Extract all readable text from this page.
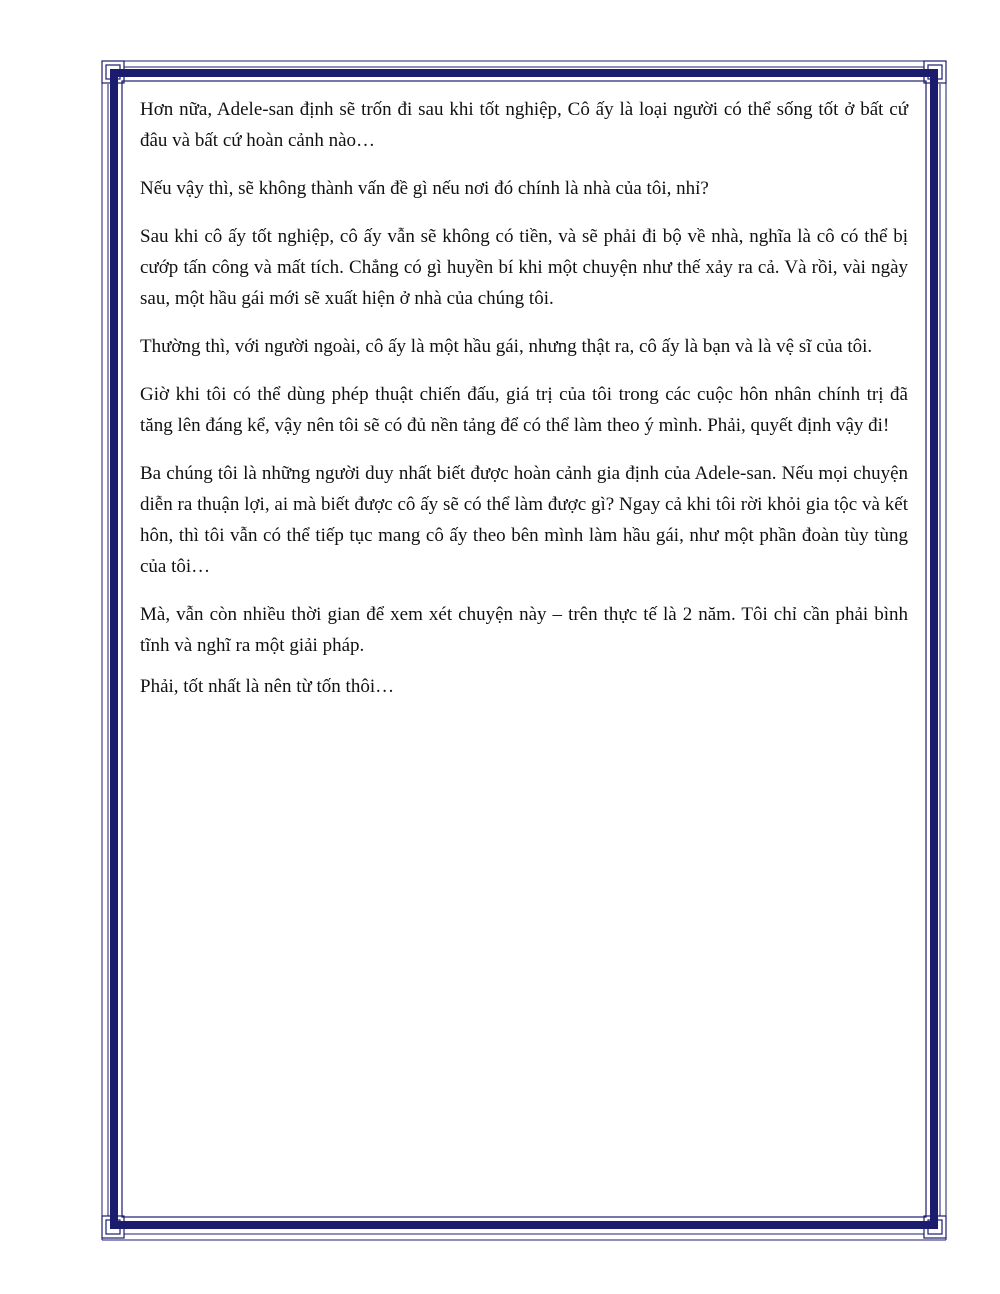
Hơn nữa, Adele-san định sẽ trốn đi sau khi tốt nghiệp, Cô ấy là loại người có thể sống tốt ở bất cứ đâu và bất cứ hoàn cảnh nào…

Nếu vậy thì, sẽ không thành vấn đề gì nếu nơi đó chính là nhà của tôi, nhỉ?

Sau khi cô ấy tốt nghiệp, cô ấy vẫn sẽ không có tiền, và sẽ phải đi bộ về nhà, nghĩa là cô có thể bị cướp tấn công và mất tích. Chẳng có gì huyền bí khi một chuyện như thế xảy ra cả. Và rồi, vài ngày sau, một hầu gái mới sẽ xuất hiện ở nhà của chúng tôi.

Thường thì, với người ngoài, cô ấy là một hầu gái, nhưng thật ra, cô ấy là bạn và là vệ sĩ của tôi.

Giờ khi tôi có thể dùng phép thuật chiến đấu, giá trị của tôi trong các cuộc hôn nhân chính trị đã tăng lên đáng kể, vậy nên tôi sẽ có đủ nền tảng để có thể làm theo ý mình. Phải, quyết định vậy đi!

Ba chúng tôi là những người duy nhất biết được hoàn cảnh gia định của Adele-san. Nếu mọi chuyện diễn ra thuận lợi, ai mà biết được cô ấy sẽ có thể làm được gì? Ngay cả khi tôi rời khỏi gia tộc và kết hôn, thì tôi vẫn có thể tiếp tục mang cô ấy theo bên mình làm hầu gái, như một phần đoàn tùy tùng của tôi…

Mà, vẫn còn nhiều thời gian để xem xét chuyện này – trên thực tế là 2 năm. Tôi chỉ cần phải bình tĩnh và nghĩ ra một giải pháp.

Phải, tốt nhất là nên từ tốn thôi…
